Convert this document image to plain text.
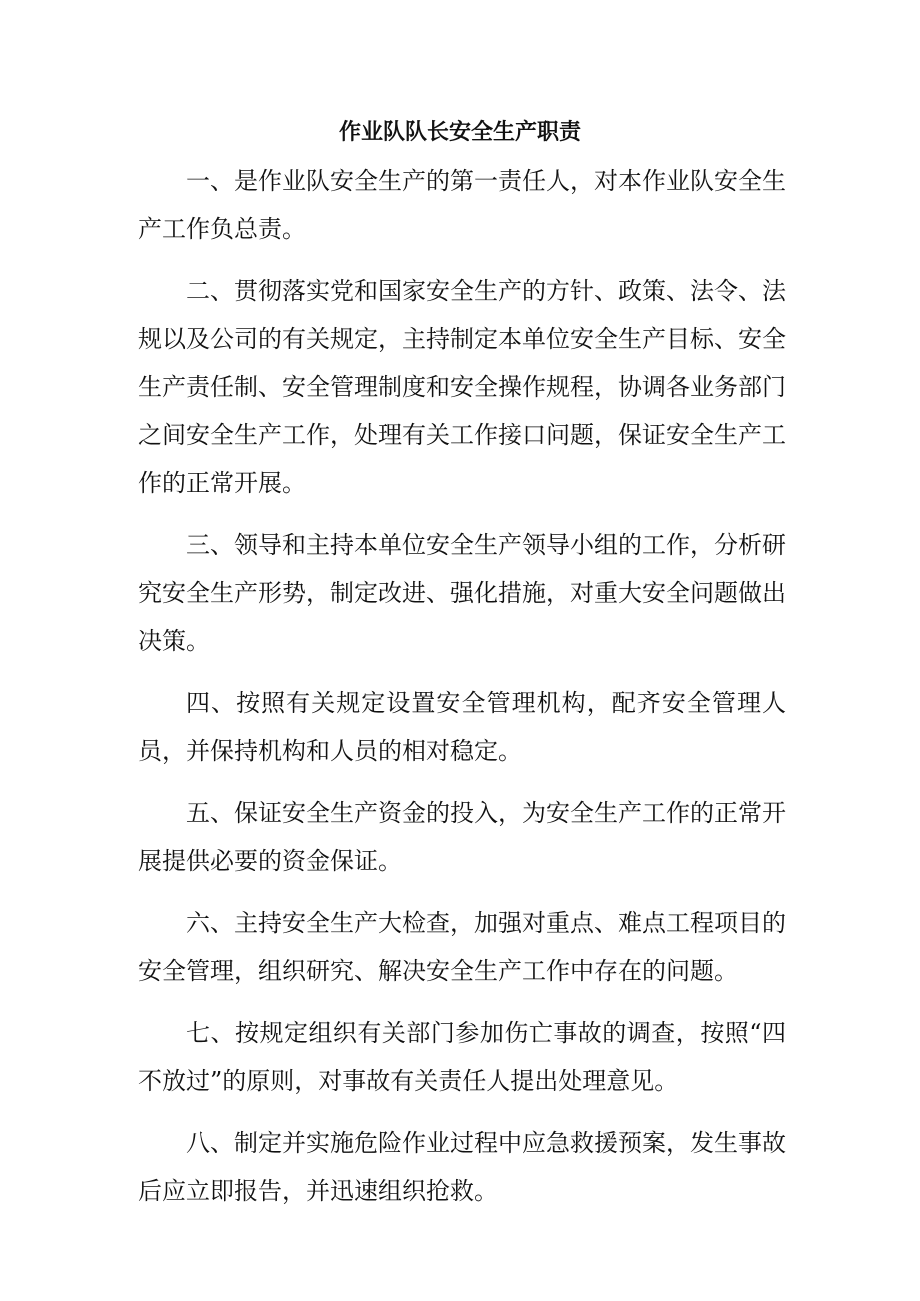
作业队队长安全生产职责

一、是作业队安全生产的第一责任人，对本作业队安全生产工作负总责。

二、贯彻落实党和国家安全生产的方针、政策、法令、法规以及公司的有关规定，主持制定本单位安全生产目标、安全生产责任制、安全管理制度和安全操作规程，协调各业务部门之间安全生产工作，处理有关工作接口问题，保证安全生产工作的正常开展。

三、领导和主持本单位安全生产领导小组的工作，分析研究安全生产形势，制定改进、强化措施，对重大安全问题做出决策。

四、按照有关规定设置安全管理机构，配齐安全管理人员，并保持机构和人员的相对稳定。

五、保证安全生产资金的投入，为安全生产工作的正常开展提供必要的资金保证。

六、主持安全生产大检查，加强对重点、难点工程项目的安全管理，组织研究、解决安全生产工作中存在的问题。

七、按规定组织有关部门参加伤亡事故的调查，按照“四不放过”的原则，对事故有关责任人提出处理意见。

八、制定并实施危险作业过程中应急救援预案，发生事故后应立即报告，并迅速组织抢救。
